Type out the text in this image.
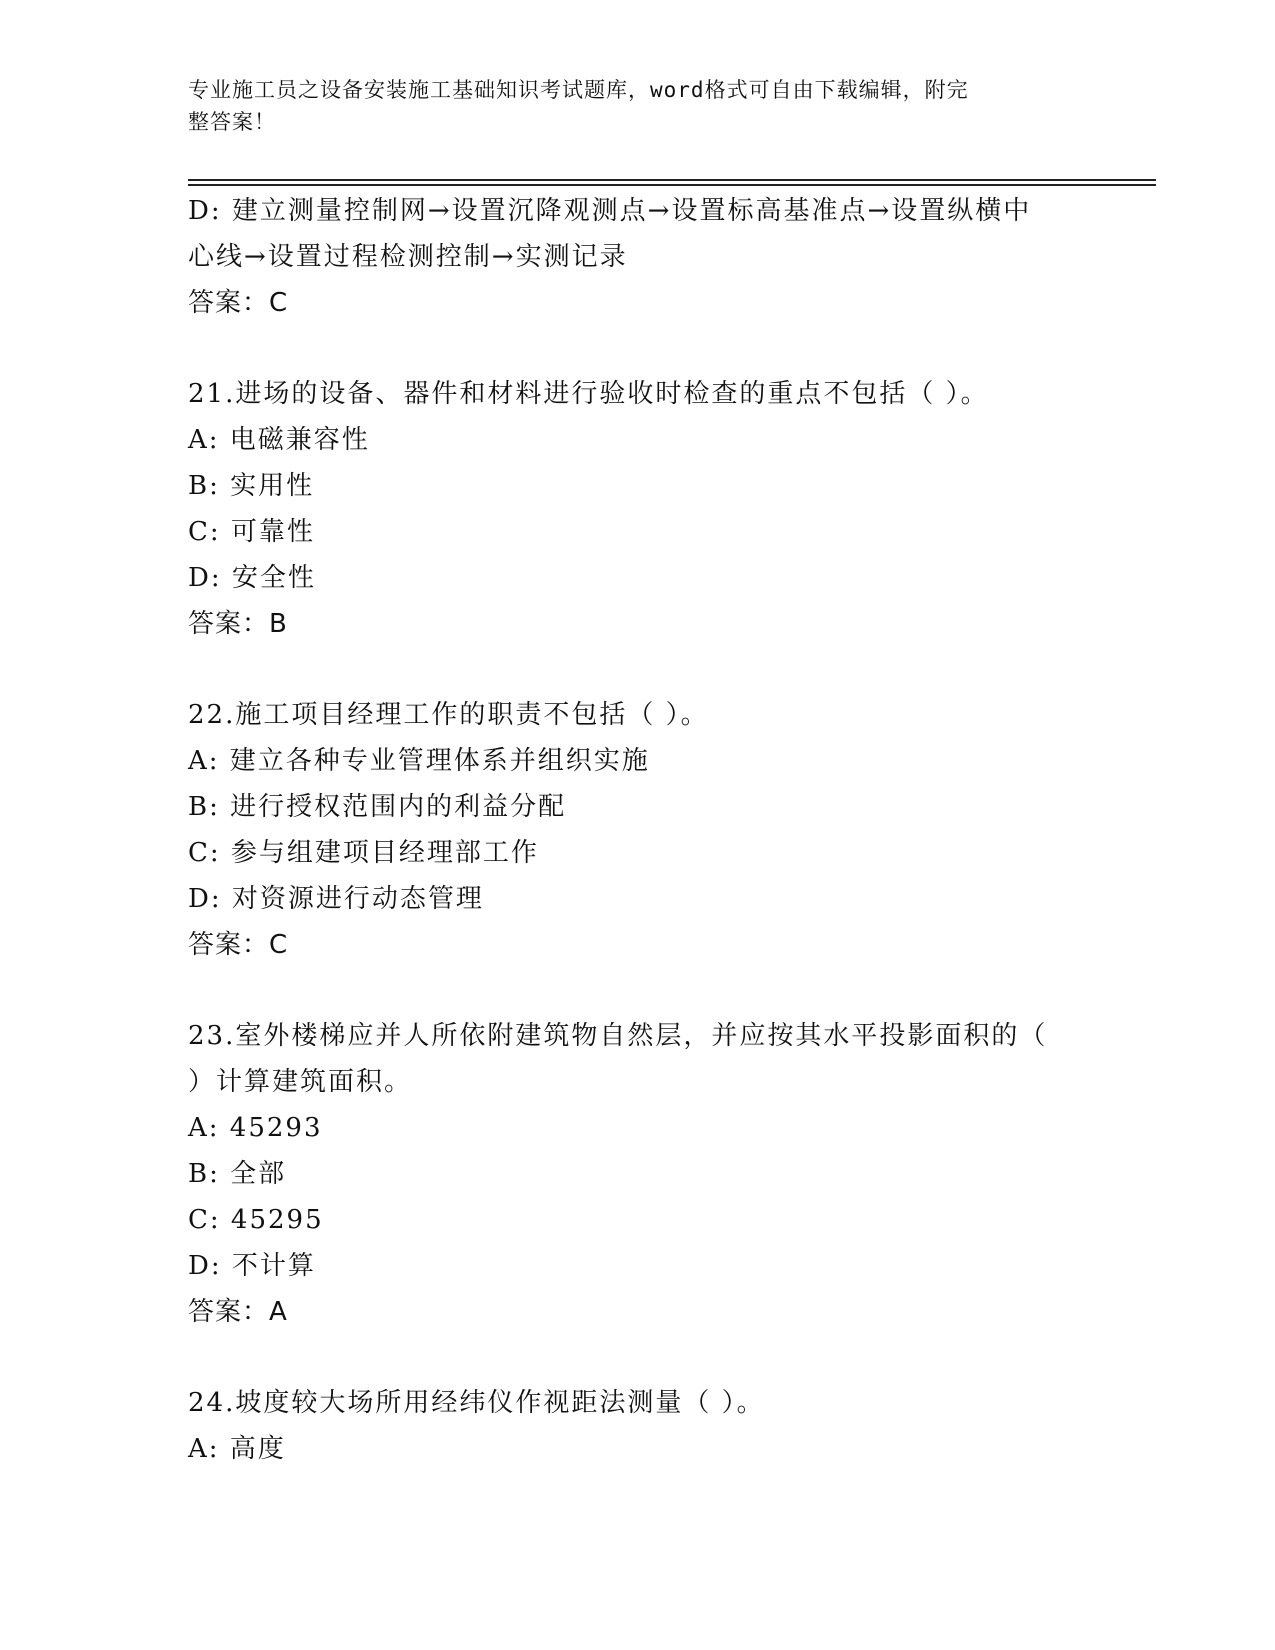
专业施工员之设备安装施工基础知识考试题库，word格式可自由下载编辑，附完
整答案！
D: 建立测量控制网→设置沉降观测点→设置标高基准点→设置纵横中
心线→设置过程检测控制→实测记录
答案：C
21.进场的设备、器件和材料进行验收时检查的重点不包括（ ）。
A: 电磁兼容性
B: 实用性
C: 可靠性
D: 安全性
答案：B
22.施工项目经理工作的职责不包括（ ）。
A: 建立各种专业管理体系并组织实施
B: 进行授权范围内的利益分配
C: 参与组建项目经理部工作
D: 对资源进行动态管理
答案：C
23.室外楼梯应并人所依附建筑物自然层，并应按其水平投影面积的（
）计算建筑面积。
A: 45293
B: 全部
C: 45295
D: 不计算
答案：A
24.坡度较大场所用经纬仪作视距法测量（ ）。
A: 高度
